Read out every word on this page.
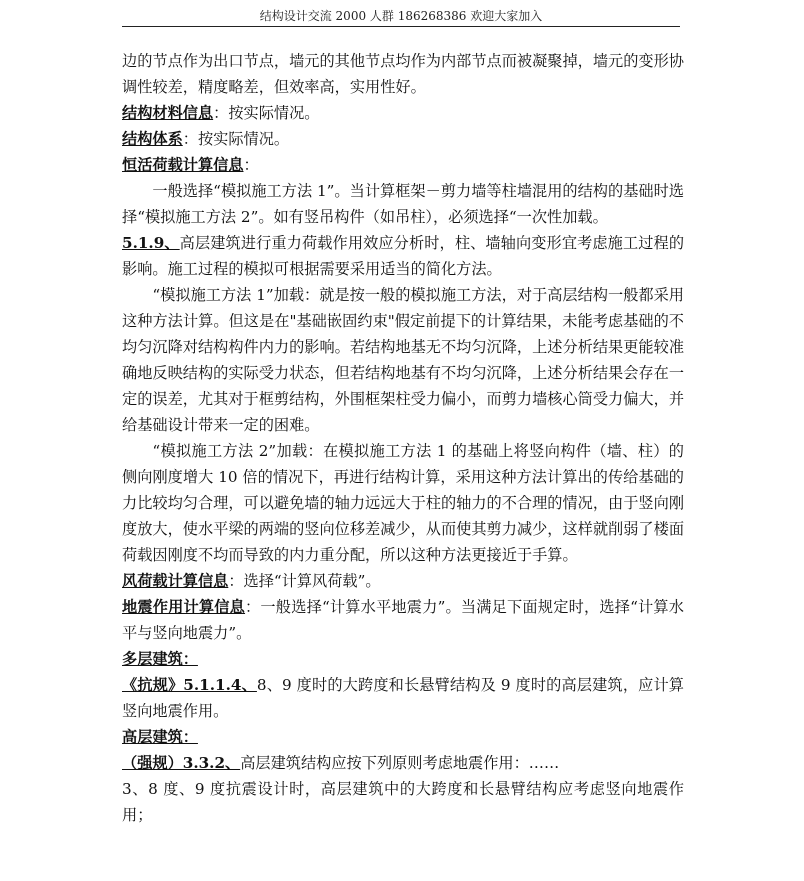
结构设计交流 2000 人群 186268386 欢迎大家加入

边的节点作为出口节点，墙元的其他节点均作为内部节点而被凝聚掉，墙元的变形协调性较差，精度略差，但效率高，实用性好。

结构材料信息：按实际情况。

结构体系：按实际情况。

恒活荷载计算信息：

一般选择“模拟施工方法 1”。当计算框架－剪力墙等柱墙混用的结构的基础时选择“模拟施工方法 2”。如有竖吊构件（如吊柱），必须选择“一次性加载。

5.1.9、高层建筑进行重力荷载作用效应分析时，柱、墙轴向变形宜考虑施工过程的影响。施工过程的模拟可根据需要采用适当的简化方法。

“模拟施工方法 1”加载：就是按一般的模拟施工方法，对于高层结构一般都采用这种方法计算。但这是在"基础嵌固约束"假定前提下的计算结果，未能考虑基础的不均匀沉降对结构构件内力的影响。若结构地基无不均匀沉降，上述分析结果更能较准确地反映结构的实际受力状态，但若结构地基有不均匀沉降，上述分析结果会存在一定的误差，尤其对于框剪结构，外围框架柱受力偏小，而剪力墙核心筒受力偏大，并给基础设计带来一定的困难。

“模拟施工方法 2”加载：在模拟施工方法 1 的基础上将竖向构件（墙、柱）的侧向刚度增大 10 倍的情况下，再进行结构计算，采用这种方法计算出的传给基础的力比较均匀合理，可以避免墙的轴力远远大于柱的轴力的不合理的情况，由于竖向刚度放大，使水平梁的两端的竖向位移差减少，从而使其剪力减少，这样就削弱了楼面荷载因刚度不均而导致的内力重分配，所以这种方法更接近于手算。

风荷载计算信息：选择“计算风荷载”。

地震作用计算信息：一般选择“计算水平地震力”。当满足下面规定时，选择“计算水平与竖向地震力”。

多层建筑：

《抗规》5.1.1.4、8、9 度时的大跨度和长悬臂结构及 9 度时的高层建筑，应计算竖向地震作用。

高层建筑：

（强规）3.3.2、高层建筑结构应按下列原则考虑地震作用：……

3、8 度、9 度抗震设计时，高层建筑中的大跨度和长悬臂结构应考虑竖向地震作用；
